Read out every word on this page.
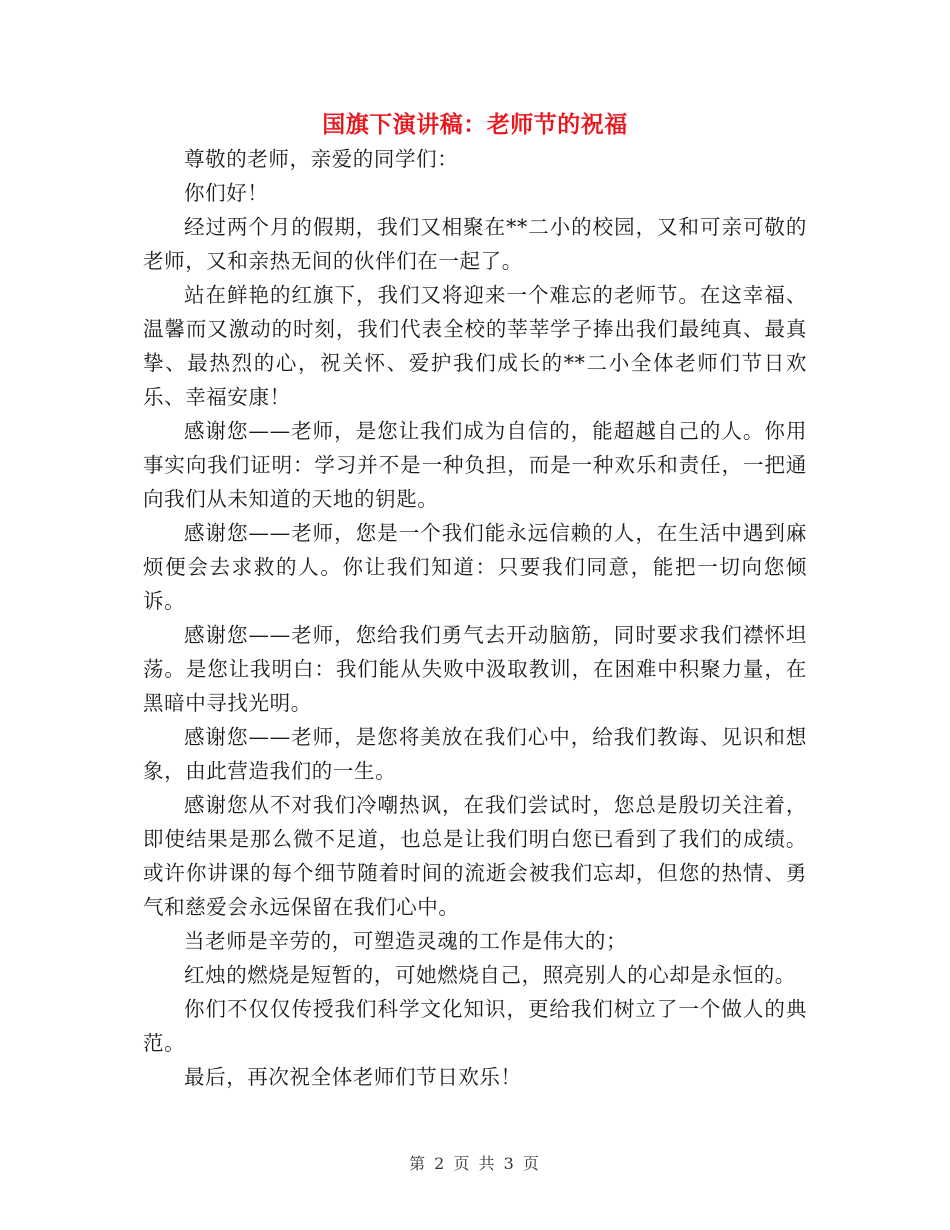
国旗下演讲稿：老师节的祝福

尊敬的老师，亲爱的同学们：

你们好！

经过两个月的假期，我们又相聚在**二小的校园，又和可亲可敬的老师，又和亲热无间的伙伴们在一起了。

站在鲜艳的红旗下，我们又将迎来一个难忘的老师节。在这幸福、温馨而又激动的时刻，我们代表全校的莘莘学子捧出我们最纯真、最真挚、最热烈的心，祝关怀、爱护我们成长的**二小全体老师们节日欢乐、幸福安康！

感谢您——老师，是您让我们成为自信的，能超越自己的人。你用事实向我们证明：学习并不是一种负担，而是一种欢乐和责任，一把通向我们从未知道的天地的钥匙。

感谢您——老师，您是一个我们能永远信赖的人，在生活中遇到麻烦便会去求救的人。你让我们知道：只要我们同意，能把一切向您倾诉。

感谢您——老师，您给我们勇气去开动脑筋，同时要求我们襟怀坦荡。是您让我明白：我们能从失败中汲取教训，在困难中积聚力量，在黑暗中寻找光明。

感谢您——老师，是您将美放在我们心中，给我们教诲、见识和想象，由此营造我们的一生。

感谢您从不对我们冷嘲热讽，在我们尝试时，您总是殷切关注着，即使结果是那么微不足道，也总是让我们明白您已看到了我们的成绩。或许你讲课的每个细节随着时间的流逝会被我们忘却，但您的热情、勇气和慈爱会永远保留在我们心中。

当老师是辛劳的，可塑造灵魂的工作是伟大的；

红烛的燃烧是短暂的，可她燃烧自己，照亮别人的心却是永恒的。

你们不仅仅传授我们科学文化知识，更给我们树立了一个做人的典范。

最后，再次祝全体老师们节日欢乐！

第 2 页 共 3 页
